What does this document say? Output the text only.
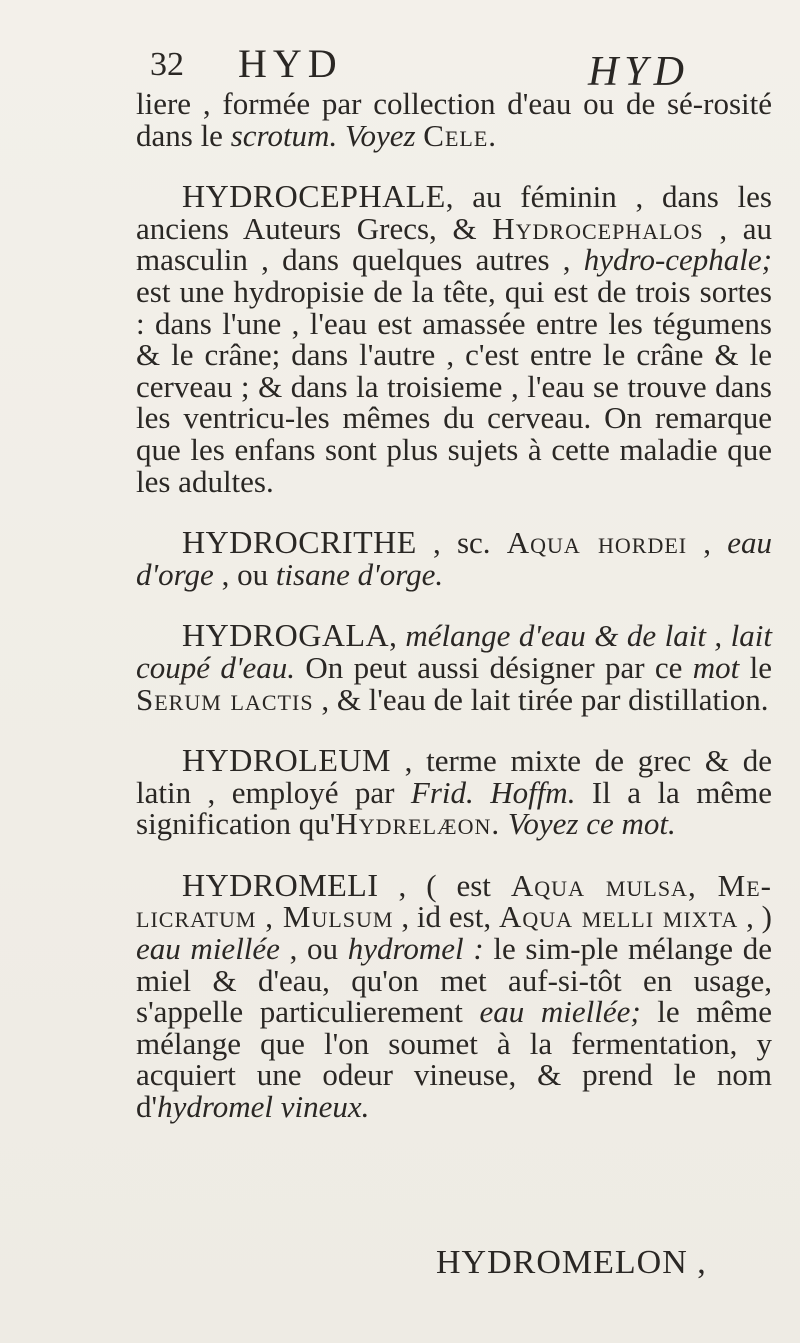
32 HYD	HYD

liere , formée par collection d'eau ou de sé-rosité dans le scrotum. Voyez Cele.

HYDROCEPHALE, au féminin , dans les anciens Auteurs Grecs, & Hydrocephalos , au masculin , dans quelques autres , hydro-cephale; est une hydropisie de la tête, qui est de trois sortes : dans l'une , l'eau est amassée entre les tégumens & le crâne; dans l'autre , c'est entre le crâne & le cerveau ; & dans la troisieme , l'eau se trouve dans les ventricu-les mêmes du cerveau. On remarque que les enfans sont plus sujets à cette maladie que les adultes.

HYDROCRITHE , sc. Aqua hordei , eau d'orge , ou tisane d'orge.

HYDROGALA, mélange d'eau & de lait , lait coupé d'eau. On peut aussi désigner par ce mot le Serum lactis , & l'eau de lait tirée par distillation.

HYDROLEUM , terme mixte de grec & de latin , employé par Frid. Hoffm. Il a la même signification qu'Hydrelæon. Voyez ce mot.

HYDROMELI , ( est Aqua mulsa, Me-licratum , Mulsum , id est, Aqua melli mixta , ) eau miellée , ou hydromel : le sim-ple mélange de miel & d'eau, qu'on met auf-si-tôt en usage, s'appelle particulierement eau miellée; le même mélange que l'on soumet à la fermentation, y acquiert une odeur vineuse, & prend le nom d'hydromel vineux.

HYDROMELON ,
